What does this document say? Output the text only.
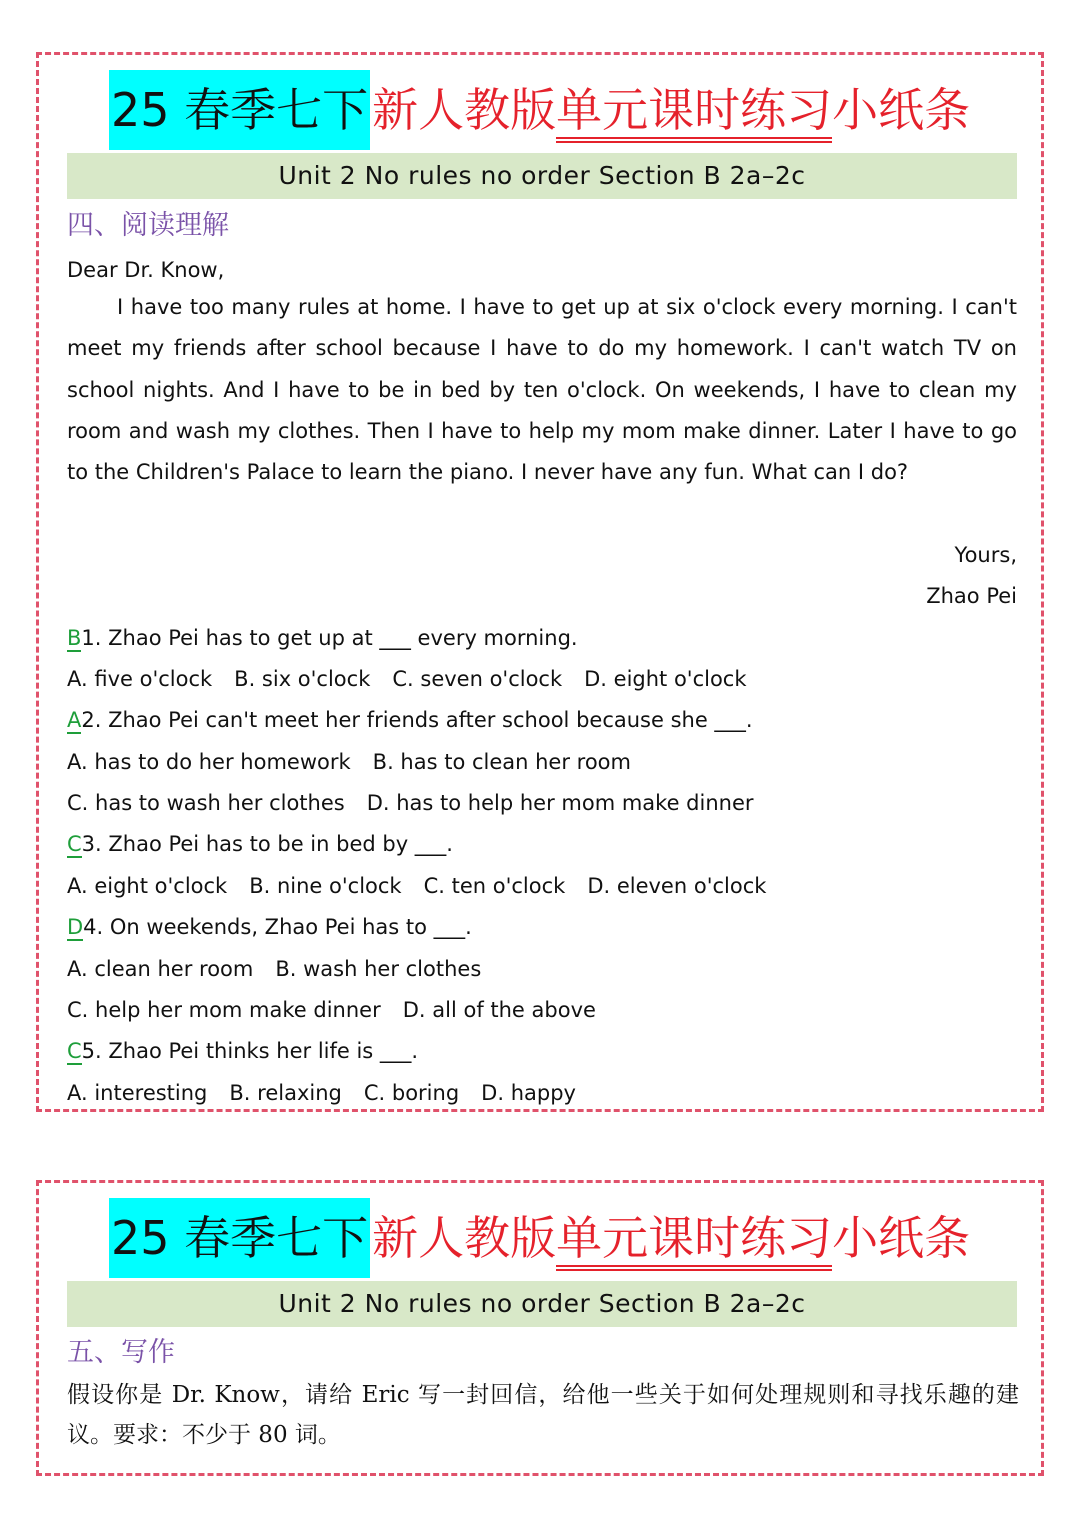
25 春季七下 新人教版单元课时练习小纸条
Unit 2 No rules no order Section B 2a–2c
四、阅读理解
Dear Dr. Know,
I have too many rules at home. I have to get up at six o'clock every morning. I can't meet my friends after school because I have to do my homework. I can't watch TV on school nights. And I have to be in bed by ten o'clock. On weekends, I have to clean my room and wash my clothes. Then I have to help my mom make dinner. Later I have to go to the Children's Palace to learn the piano. I never have any fun. What can I do?
Yours,
Zhao Pei
B1. Zhao Pei has to get up at ___ every morning.
A. five o'clock B. six o'clock C. seven o'clock D. eight o'clock
A2. Zhao Pei can't meet her friends after school because she ___.
A. has to do her homework B. has to clean her room
C. has to wash her clothes D. has to help her mom make dinner
C3. Zhao Pei has to be in bed by ___.
A. eight o'clock B. nine o'clock C. ten o'clock D. eleven o'clock
D4. On weekends, Zhao Pei has to ___.
A. clean her room B. wash her clothes
C. help her mom make dinner D. all of the above
C5. Zhao Pei thinks her life is ___.
A. interesting B. relaxing C. boring D. happy
25 春季七下 新人教版单元课时练习小纸条
Unit 2 No rules no order Section B 2a–2c
五、写作
假设你是 Dr. Know，请给 Eric 写一封回信，给他一些关于如何处理规则和寻找乐趣的建议。要求：不少于 80 词。
